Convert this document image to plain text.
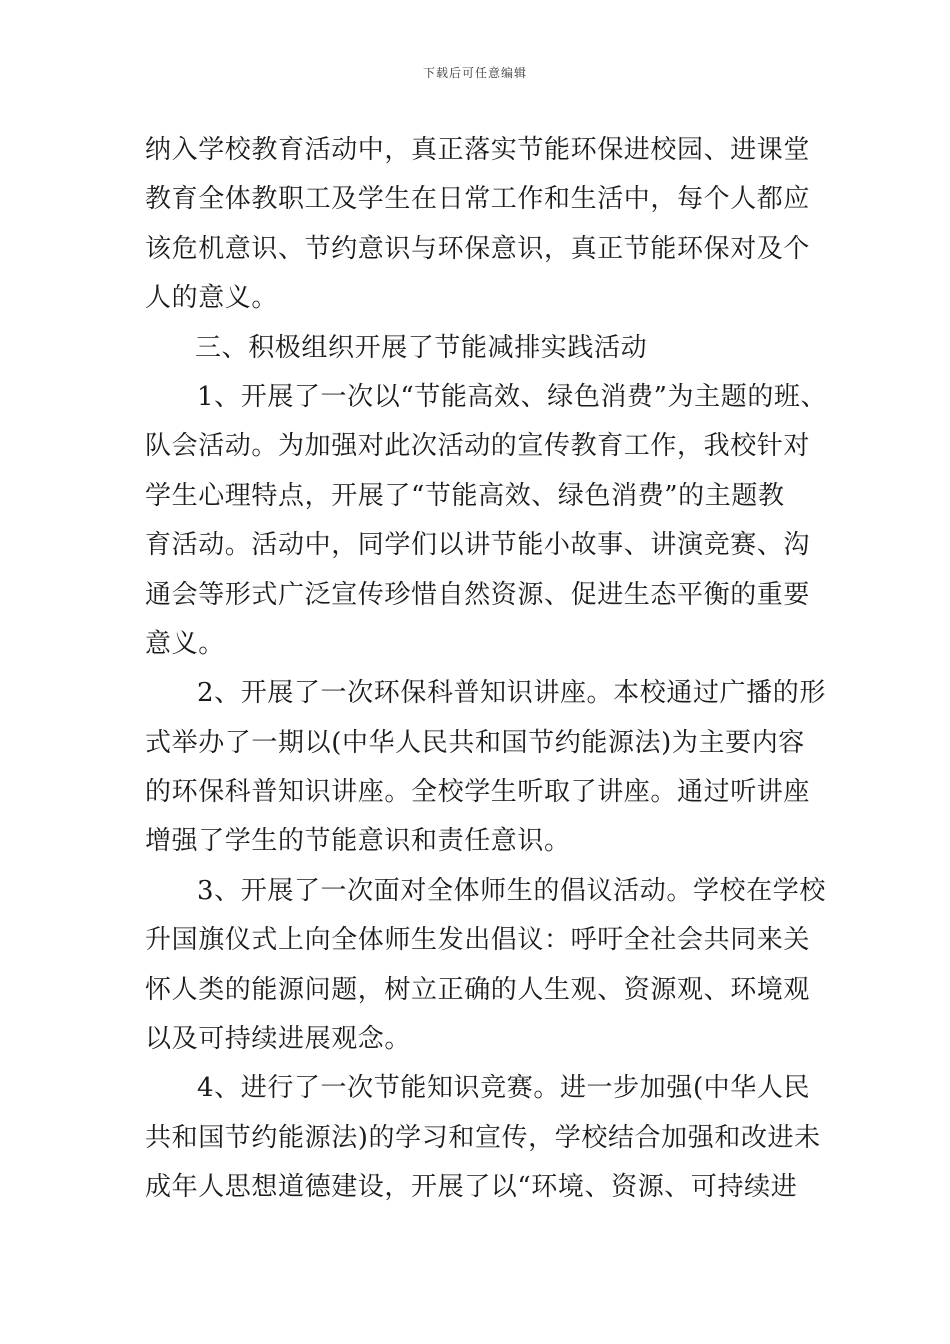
下载后可任意编辑
纳入学校教育活动中，真正落实节能环保进校园、进课堂
教育全体教职工及学生在日常工作和生活中，每个人都应
该危机意识、节约意识与环保意识，真正节能环保对及个
人的意义。
三、积极组织开展了节能减排实践活动
1、开展了一次以“节能高效、绿色消费”为主题的班、
队会活动。为加强对此次活动的宣传教育工作，我校针对
学生心理特点，开展了“节能高效、绿色消费”的主题教
育活动。活动中，同学们以讲节能小故事、讲演竞赛、沟
通会等形式广泛宣传珍惜自然资源、促进生态平衡的重要
意义。
2、开展了一次环保科普知识讲座。本校通过广播的形
式举办了一期以(中华人民共和国节约能源法)为主要内容
的环保科普知识讲座。全校学生听取了讲座。通过听讲座
增强了学生的节能意识和责任意识。
3、开展了一次面对全体师生的倡议活动。学校在学校
升国旗仪式上向全体师生发出倡议：呼吁全社会共同来关
怀人类的能源问题，树立正确的人生观、资源观、环境观
以及可持续进展观念。
4、进行了一次节能知识竞赛。进一步加强(中华人民
共和国节约能源法)的学习和宣传，学校结合加强和改进未
成年人思想道德建设，开展了以“环境、资源、可持续进
